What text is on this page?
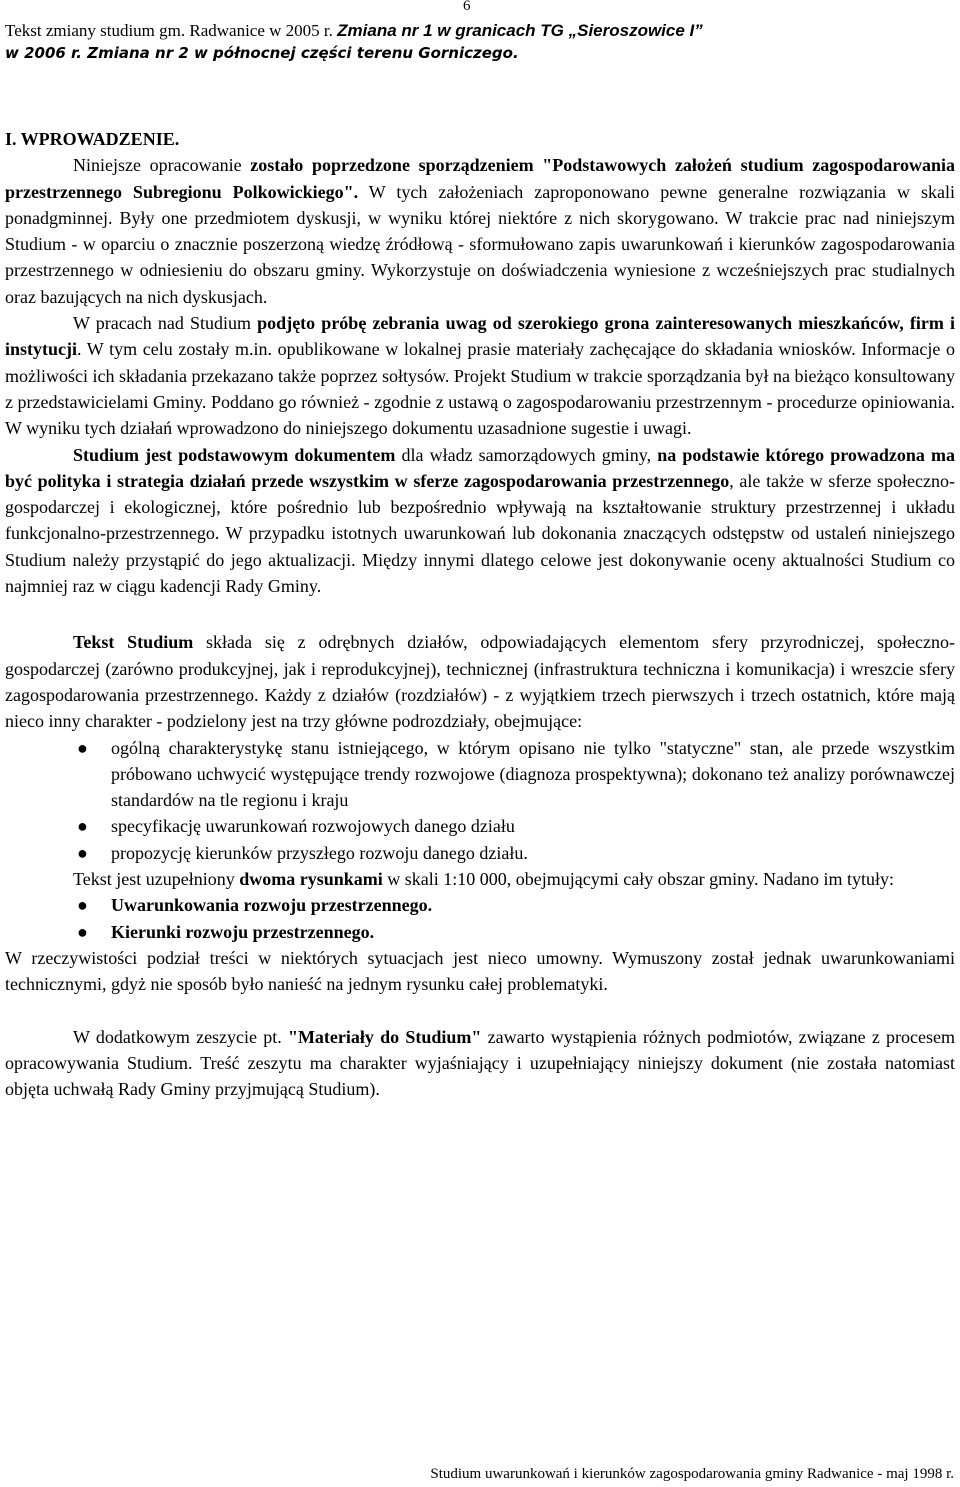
6
Tekst zmiany studium gm. Radwanice w 2005 r. Zmiana nr 1 w granicach TG „Sieroszowice I”
w 2006 r. Zmiana nr 2 w północnej części terenu Gorniczego.

I. WPROWADZENIE.

Niniejsze opracowanie zostało poprzedzone sporządzeniem "Podstawowych założeń studium zagospodarowania przestrzennego Subregionu Polkowickiego". W tych założeniach zaproponowano pewne generalne rozwiązania w skali ponadgminnej. Były one przedmiotem dyskusji, w wyniku której niektóre z nich skorygowano. W trakcie prac nad niniejszym Studium - w oparciu o znacznie poszerzoną wiedzę źródłową - sformułowano zapis uwarunkowań i kierunków zagospodarowania przestrzennego w odniesieniu do obszaru gminy. Wykorzystuje on doświadczenia wyniesione z wcześniejszych prac studialnych oraz bazujących na nich dyskusjach.

W pracach nad Studium podjęto próbę zebrania uwag od szerokiego grona zainteresowanych mieszkańców, firm i instytucji. W tym celu zostały m.in. opublikowane w lokalnej prasie materiały zachęcające do składania wniosków. Informacje o możliwości ich składania przekazano także poprzez sołtysów. Projekt Studium w trakcie sporządzania był na bieżąco konsultowany z przedstawicielami Gminy. Poddano go również - zgodnie z ustawą o zagospodarowaniu przestrzennym - procedurze opiniowania. W wyniku tych działań wprowadzono do niniejszego dokumentu uzasadnione sugestie i uwagi.

Studium jest podstawowym dokumentem dla władz samorządowych gminy, na podstawie którego prowadzona ma być polityka i strategia działań przede wszystkim w sferze zagospodarowania przestrzennego, ale także w sferze społeczno-gospodarczej i ekologicznej, które pośrednio lub bezpośrednio wpływają na kształtowanie struktury przestrzennej i układu funkcjonalno-przestrzennego. W przypadku istotnych uwarunkowań lub dokonania znaczących odstępstw od ustaleń niniejszego Studium należy przystąpić do jego aktualizacji. Między innymi dlatego celowe jest dokonywanie oceny aktualności Studium co najmniej raz w ciągu kadencji Rady Gminy.

Tekst Studium składa się z odrębnych działów, odpowiadających elementom sfery przyrodniczej, społeczno-gospodarczej (zarówno produkcyjnej, jak i reprodukcyjnej), technicznej (infrastruktura techniczna i komunikacja) i wreszcie sfery zagospodarowania przestrzennego. Każdy z działów (rozdziałów) - z wyjątkiem trzech pierwszych i trzech ostatnich, które mają nieco inny charakter - podzielony jest na trzy główne podrozdziały, obejmujące:

● ogólną charakterystykę stanu istniejącego, w którym opisano nie tylko "statyczne" stan, ale przede wszystkim próbowano uchwycić występujące trendy rozwojowe (diagnoza prospektywna); dokonano też analizy porównawczej standardów na tle regionu i kraju
● specyfikację uwarunkowań rozwojowych danego działu
● propozycję kierunków przyszłego rozwoju danego działu.

Tekst jest uzupełniony dwoma rysunkami w skali 1:10 000, obejmującymi cały obszar gminy. Nadano im tytuły:

● Uwarunkowania rozwoju przestrzennego.
● Kierunki rozwoju przestrzennego.

W rzeczywistości podział treści w niektórych sytuacjach jest nieco umowny. Wymuszony został jednak uwarunkowaniami technicznymi, gdyż nie sposób było nanieść na jednym rysunku całej problematyki.

W dodatkowym zeszycie pt. "Materiały do Studium" zawarto wystąpienia różnych podmiotów, związane z procesem opracowywania Studium. Treść zeszytu ma charakter wyjaśniający i uzupełniający niniejszy dokument (nie została natomiast objęta uchwałą Rady Gminy przyjmującą Studium).

Studium uwarunkowań i kierunków zagospodarowania gminy Radwanice - maj 1998 r.
